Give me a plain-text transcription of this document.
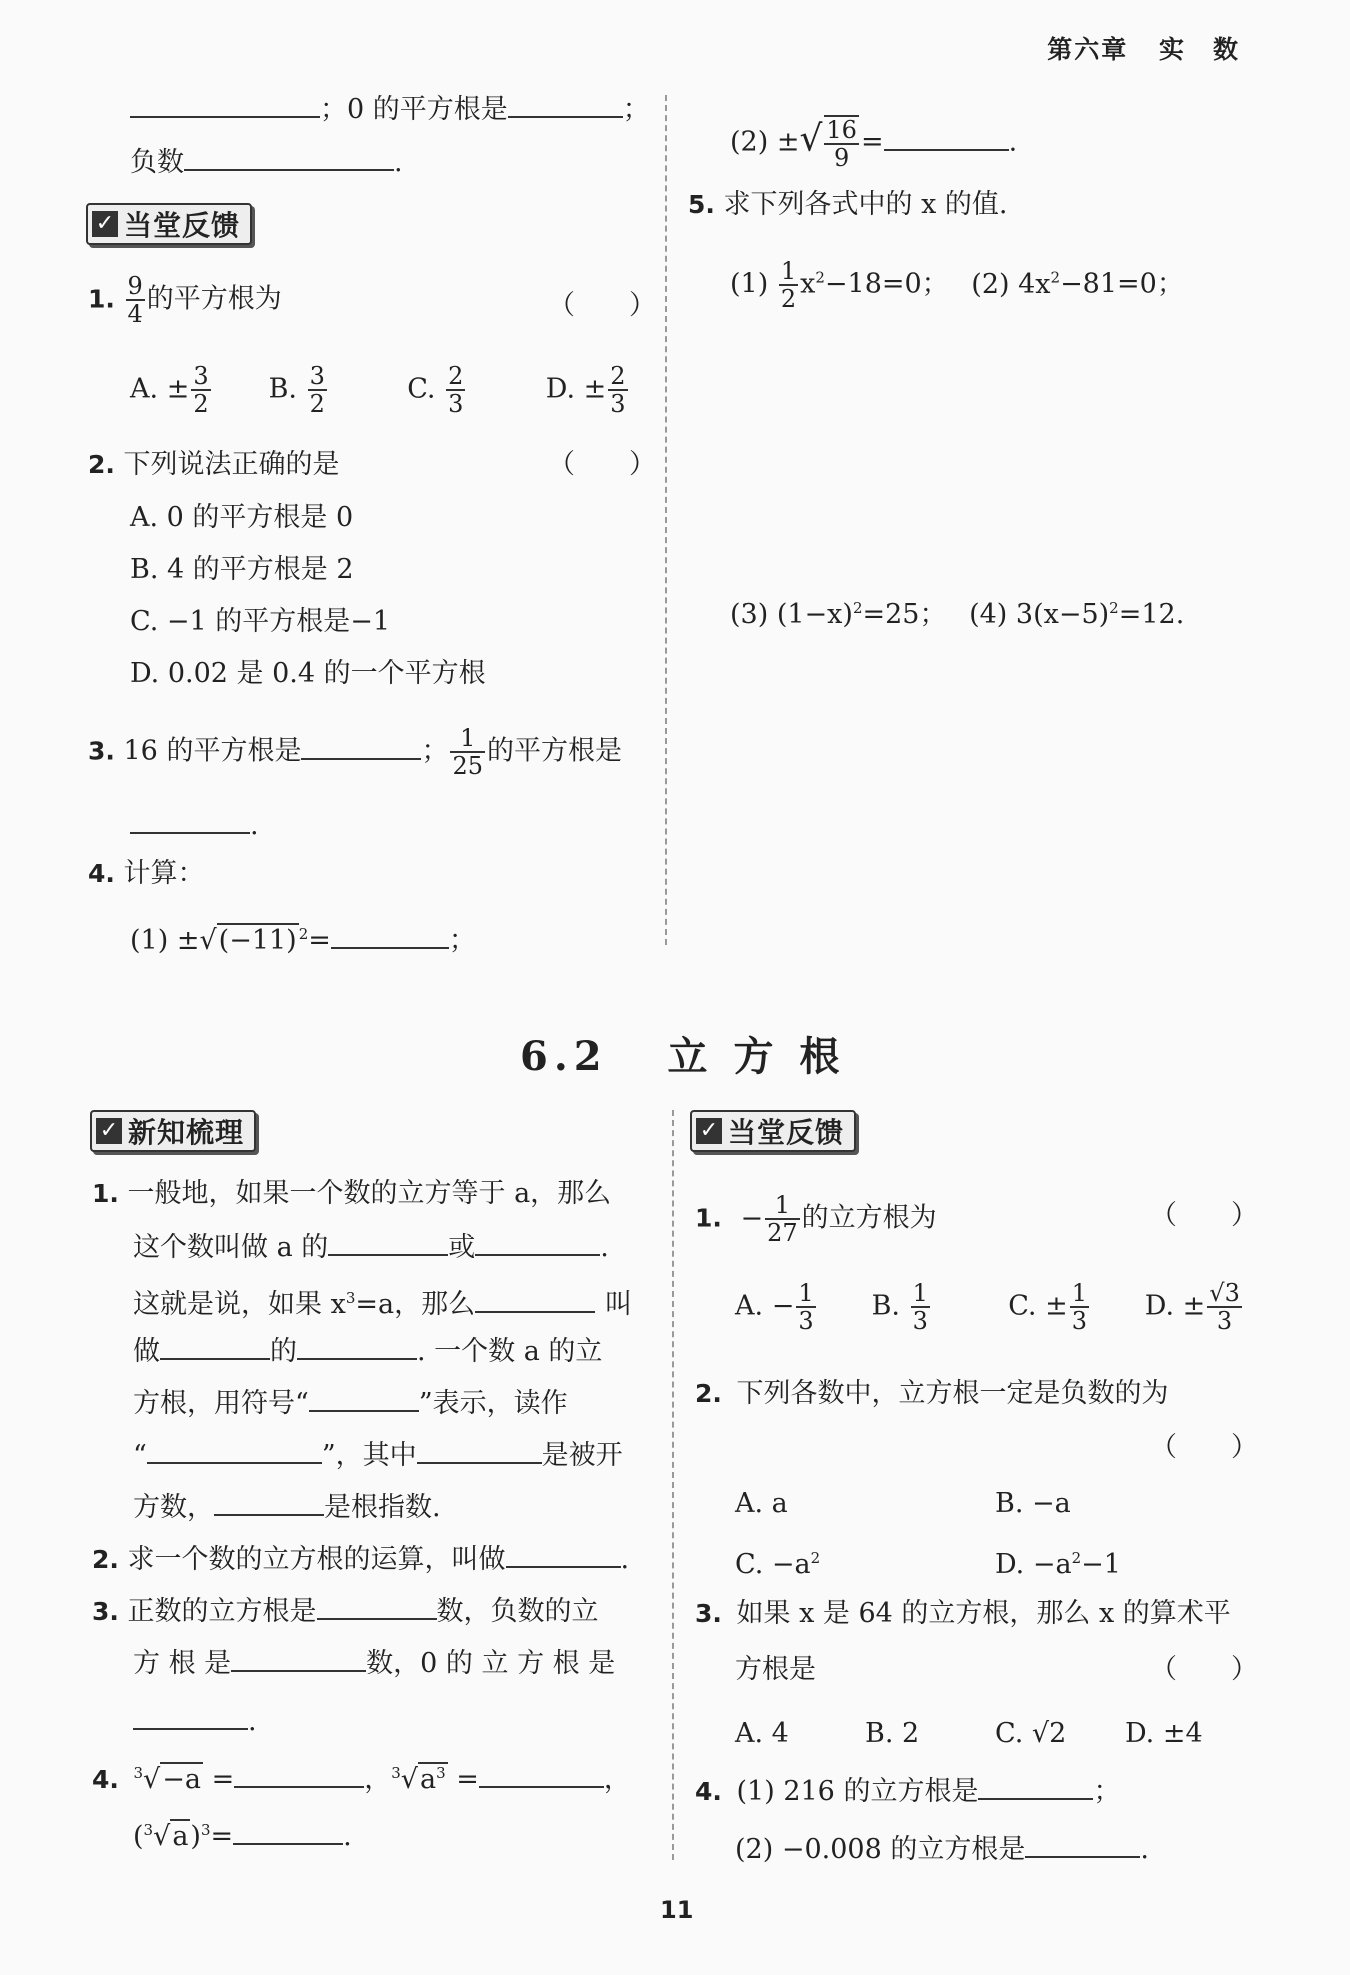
第六章 实　数
；0 的平方根是	；
负数	.
✓ 当堂反馈
1. $\frac{9}{4}$ 的平方根为	（　　）
A. ± $\frac{3}{2} B$. $\frac{3}{2}$	C. $\frac{2}{3}$	D. ± $\frac{2}{3}$
2. 下列说法正确的是	（　　）
A. 0 的平方根是 0
B. 4 的平方根是 2
C. −1 的平方根是−1
D. 0.02 是 0.4 的一个平方根
3. 16 的平方根是	； $\frac{1}{25}$ 的平方根是
.
4. 计算：
(1) ±√(−11) $^2$=	；
(2) ±√ $\frac{16}{9}$ =	.
5. 求下列各式中的 x 的值.
$(1) \frac{1}{2} x^2-18=0$； (2) $4x^2-81=0$；
(3) $(1-x)^2=25$； (4) $3(x-5)^2=12$.
6.2 立 方 根
✓ 新知梳理
1. 一般地，如果一个数的立方等于 a，那么
这个数叫做 a 的	或	.
这就是说，如果 $x^3=a$，那么	叫
做	的	. 一个数 a 的立
方根，用符号“	”表示，读作
“	”，其中	是被开
方数，	是根指数.
2. 求一个数的立方根的运算，叫做	.
3. 正数的立方根是	数，负数的立
方 根 是	数，0 的 立 方 根 是
.
4. $^3$√−a =	，$^3√a^3$ =	，
$(^3√a)^3=$	.
✓ 当堂反馈
1. − $\frac{1}{27}$ 的立方根为	（　　）
A. − $\frac{1}{3} B$. $\frac{1}{3}$	C. ± $\frac{1}{3} D$. ± $\frac{√3}{3}$
2. 下列各数中，立方根一定是负数的为
（　　）
A. a	B. −a
C. $-a^2$	D. $-a^2-1$
3. 如果 x 是 64 的立方根，那么 x 的算术平
方根是	（　　）
A. 4	B. 2	C. √2 D. ±4
4. (1) 216 的立方根是	；
(2) −0.008 的立方根是	.
11
